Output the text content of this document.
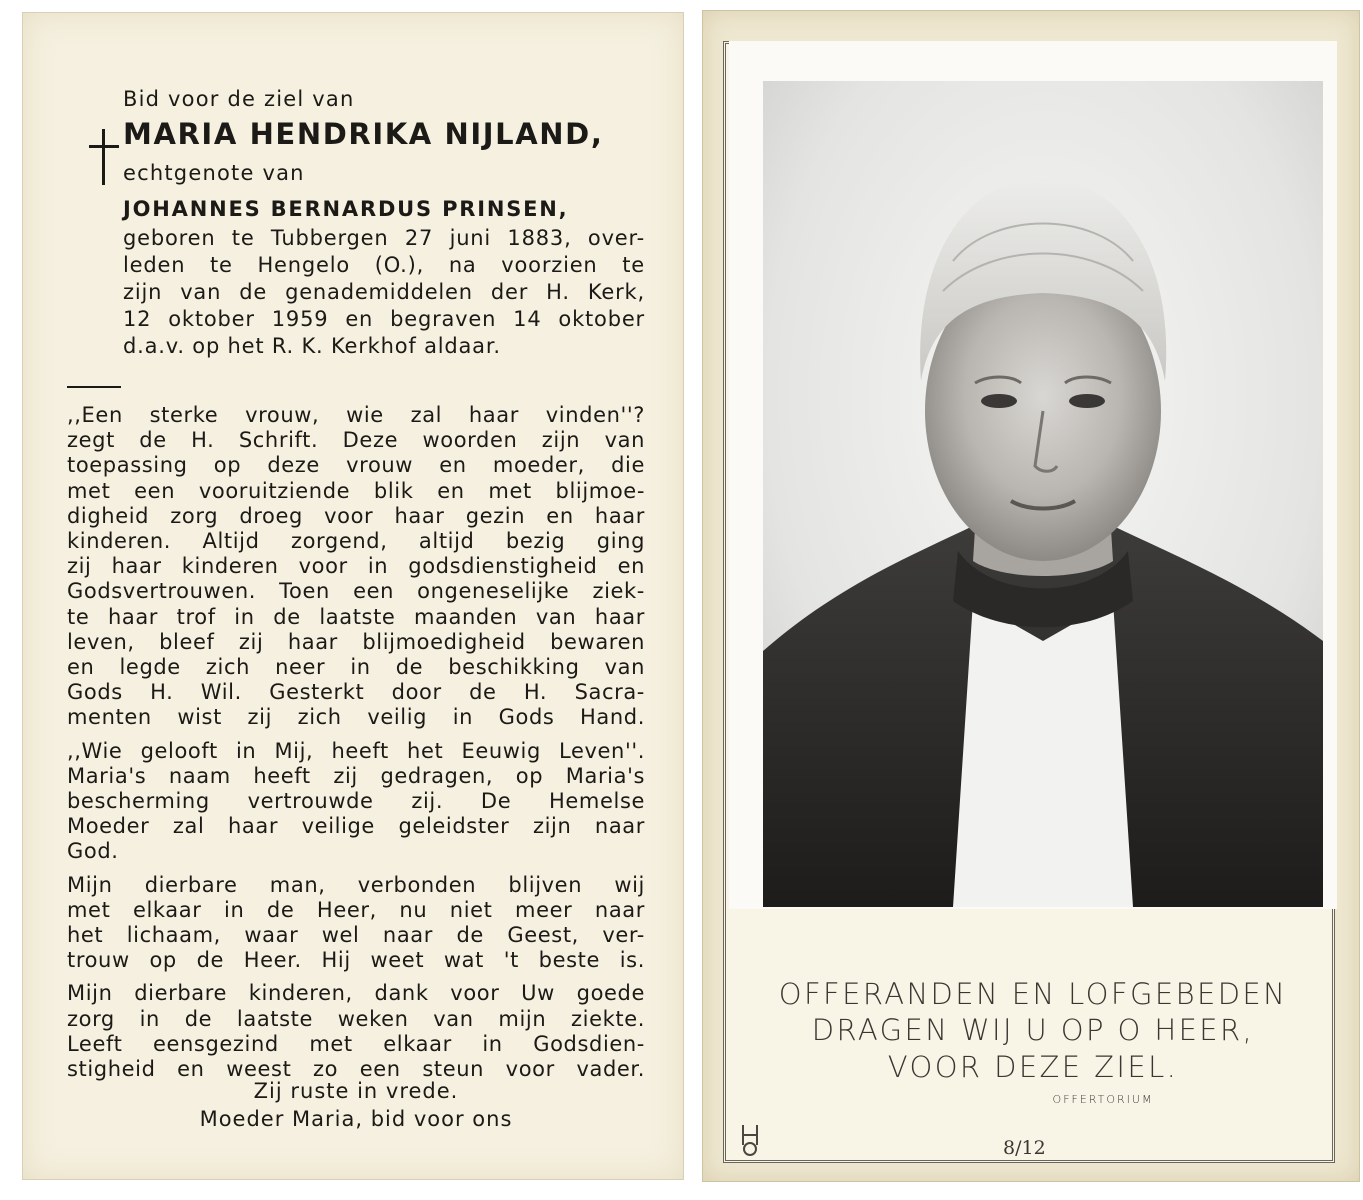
Bid voor de ziel van
MARIA HENDRIKA NIJLAND,
echtgenote van
JOHANNES BERNARDUS PRINSEN,
geboren te Tubbergen 27 juni 1883, over-
leden te Hengelo (O.), na voorzien te
zijn van de genademiddelen der H. Kerk,
12 oktober 1959 en begraven 14 oktober
d.a.v. op het R. K. Kerkhof aldaar.
,,Een sterke vrouw, wie zal haar vinden''?
zegt de H. Schrift. Deze woorden zijn van
toepassing op deze vrouw en moeder, die
met een vooruitziende blik en met blijmoe-
digheid zorg droeg voor haar gezin en haar
kinderen. Altijd zorgend, altijd bezig ging
zij haar kinderen voor in godsdienstigheid en
Godsvertrouwen. Toen een ongeneselijke ziek-
te haar trof in de laatste maanden van haar
leven, bleef zij haar blijmoedigheid bewaren
en legde zich neer in de beschikking van
Gods H. Wil. Gesterkt door de H. Sacra-
menten wist zij zich veilig in Gods Hand.
,,Wie gelooft in Mij, heeft het Eeuwig Leven''.
Maria's naam heeft zij gedragen, op Maria's
bescherming vertrouwde zij. De Hemelse
Moeder zal haar veilige geleidster zijn naar
God.
Mijn dierbare man, verbonden blijven wij
met elkaar in de Heer, nu niet meer naar
het lichaam, waar wel naar de Geest, ver-
trouw op de Heer. Hij weet wat 't beste is.
Mijn dierbare kinderen, dank voor Uw goede
zorg in de laatste weken van mijn ziekte.
Leeft eensgezind met elkaar in Godsdien-
stigheid en weest zo een steun voor vader.
Zij ruste in vrede.
Moeder Maria, bid voor ons
OFFERANDEN EN LOFGEBEDEN
DRAGEN WIJ U OP O HEER,
VOOR DEZE ZIEL.
OFFERTORIUM
8/12
